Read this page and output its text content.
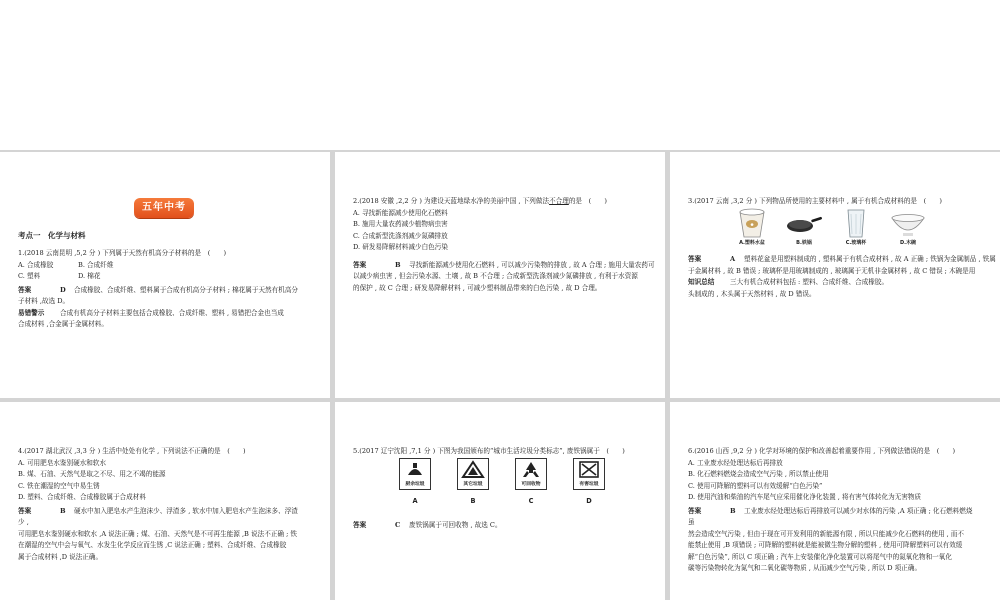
五年中考
考点一　化学与材料
1.(2018 云南昆明 ,5,2 分 ) 下列属于天然有机高分子材料的是　(　　)
A. 合成橡胶	B. 合成纤维
C. 塑料	D. 棉花
答案	D 合成橡胶、合成纤维、塑料属于合成有机高分子材料 ; 棉花属于天然有机高分
子材料 ,故选 D。
易错警示 合成有机高分子材料主要包括合成橡胶、合成纤维、塑料 , 易错把合金也当成
合成材料 ,合金属于金属材料。
2.(2018 安徽 ,2,2 分 ) 为建设天蓝地绿水净的美丽中国 , 下列做法不合理的是　(　　)
A. 寻找新能源减少使用化石燃料
B. 施用大量农药减少植物病虫害
C. 合成新型洗涤剂减少氮磷排放
D. 研发易降解材料减少白色污染
答案	B 寻找新能源减少使用化石燃料 , 可以减少污染物的排放 , 故 A 合理 ; 施用大量农药可
以减少病虫害 , 但会污染水源、土壤 , 故 B 不合理 ; 合成新型洗涤剂减少氮磷排放 , 有利于水资源
的保护 , 故 C 合理 ; 研发易降解材料 , 可减少塑料制品带来的白色污染 , 故 D 合理。
3.(2017 云南 ,3,2 分 ) 下列物品所使用的主要材料中 , 属于有机合成材料的是　(　　)
●
A.塑料水盆	B.铁锅	C.玻璃杯	D.木碗
答案	A 塑料花盆是用塑料制成的 , 塑料属于有机合成材料 , 故 A 正确 ; 铁锅为金属制品 , 铁属
于金属材料 , 故 B 错误 ; 玻璃杯是用玻璃制成的 , 玻璃属于无机非金属材料 , 故 C 错误 ; 木碗是用
知识总结 三大有机合成材料包括 : 塑料、合成纤维、合成橡胶。
头制成的 , 木头属于天然材料 , 故 D 错误。
4.(2017 湖北武汉 ,3,3 分 ) 生活中处处有化学 , 下列说法不正确的是　(　　)
A. 可用肥皂水鉴别硬水和软水
B. 煤、石油、天然气是取之不尽、用之不竭的能源
C. 铁在潮湿的空气中易生锈
D. 塑料、合成纤维、合成橡胶属于合成材料
答案	B 硬水中加入肥皂水产生泡沫少、浮渣多 , 软水中加入肥皂水产生泡沫多、浮渣
少 ,
可用肥皂水鉴别硬水和软水 ,A 说法正确 ; 煤、石油、天然气是不可再生能源 ,B 说法不正确 ; 铁
在潮湿的空气中会与氧气、水发生化学反应而生锈 ,C 说法正确 ; 塑料、合成纤维、合成橡胶
属于合成材料 ,D 说法正确。
5.(2017 辽宁沈阳 ,7,1 分 ) 下图为我国颁布的“城市生活垃圾分类标志”, 废铁锅属于　(　　)
厨余垃圾
A
其它垃圾
B
可回收物
C
有害垃圾
D
答案	C 废铁锅属于可回收物 , 故选 C。
6.(2016 山西 ,9,2 分 ) 化学对环境的保护和改善起着重要作用 , 下列做法错误的是　(　　)
A. 工业废水经处理达标后再排放
B. 化石燃料燃烧会造成空气污染 , 所以禁止使用
C. 使用可降解的塑料可以有效缓解“白色污染”
D. 使用汽油和柴油的汽车尾气应采用催化净化装置 , 将有害气体转化为无害物质
答案	B 工业废水经处理达标后再排放可以减少对水体的污染 ,A 项正确 ; 化石燃料燃烧
虽
然会造成空气污染 , 但由于现在可开发利用的新能源有限 , 所以只能减少化石燃料的使用 , 而不
能禁止使用 ,B 项错误 ; 可降解的塑料就是能被微生物分解的塑料 , 使用可降解塑料可以有效缓
解“白色污染”, 所以 C 项正确 ; 汽车上安装催化净化装置可以将尾气中的氮氧化物和一氧化
碳等污染物转化为氮气和二氧化碳等物质 , 从而减少空气污染 , 所以 D 项正确。
